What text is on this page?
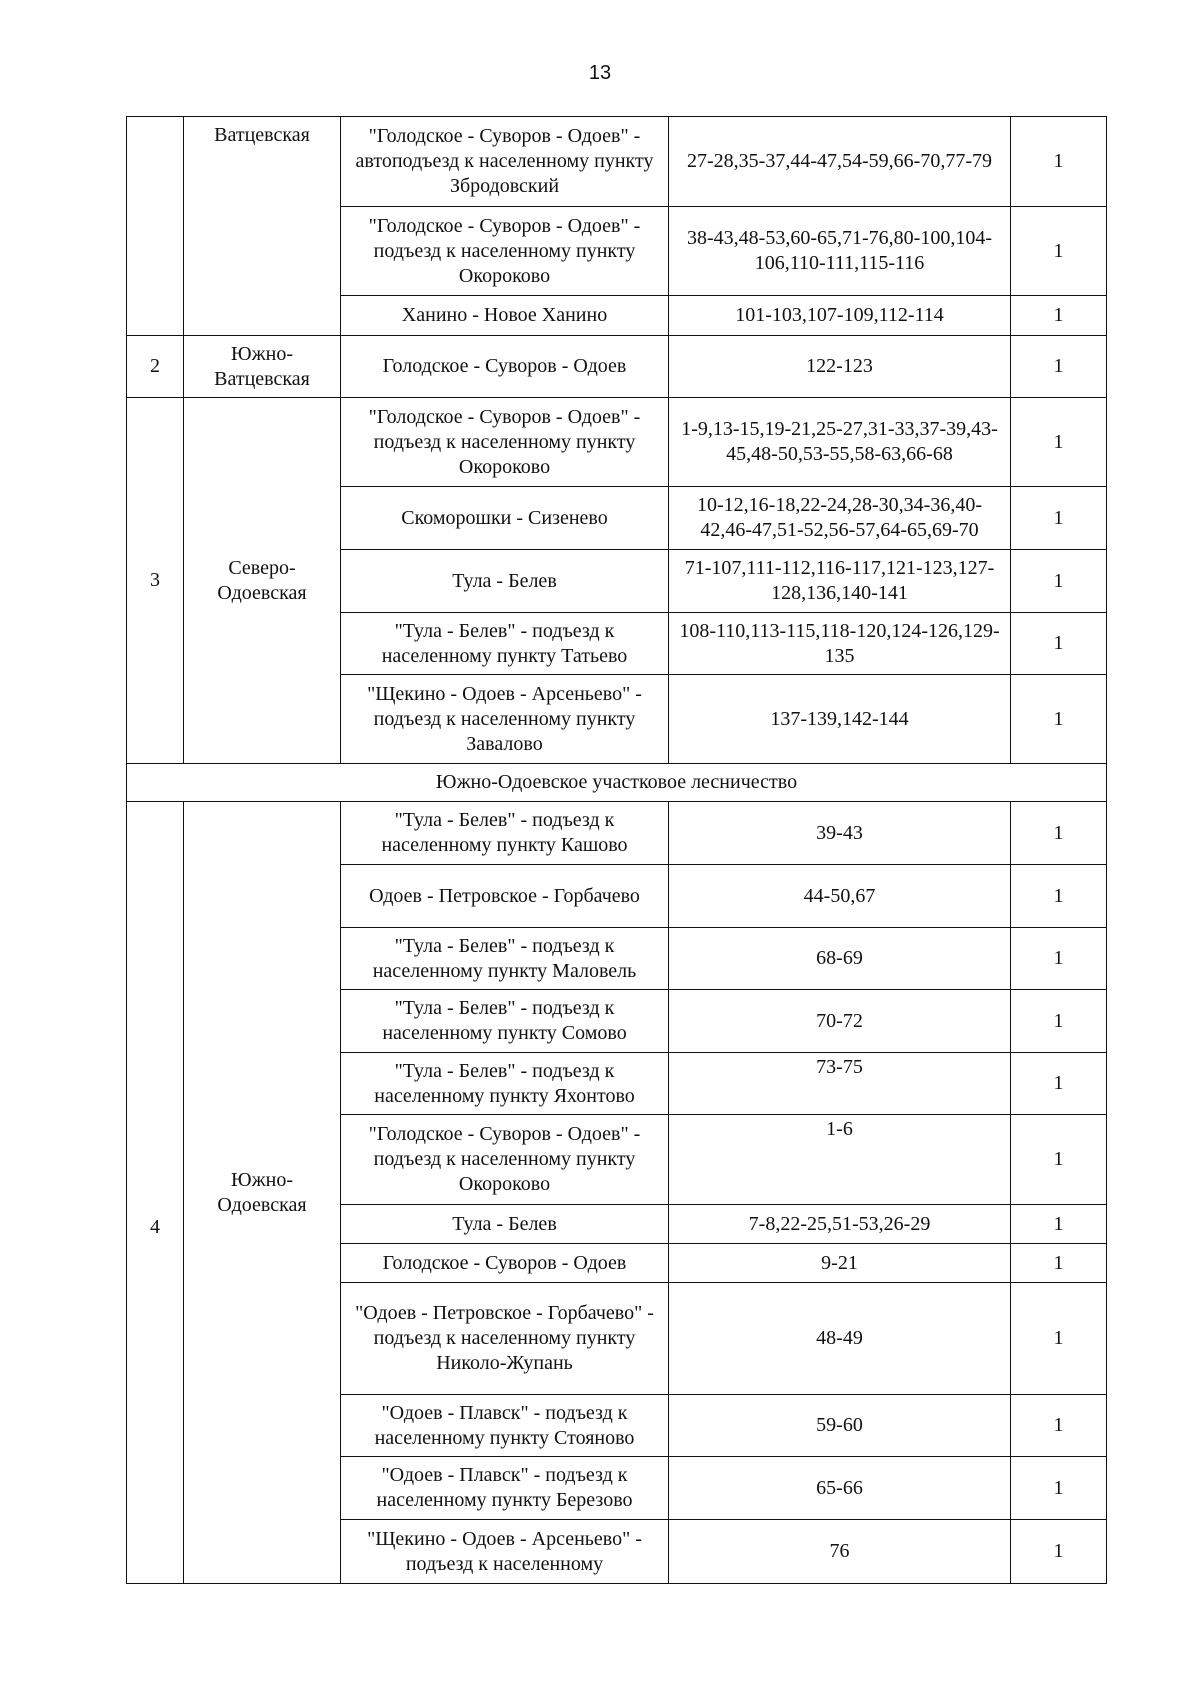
13
	Ватцевская	"Голодское - Суворов - Одоев" - автоподъезд к населенному пункту Збродовский	27-28,35-37,44-47,54-59,66-70,77-79	1
		"Голодское - Суворов - Одоев" - подъезд к населенному пункту Окороково	38-43,48-53,60-65,71-76,80-100,104-106,110-111,115-116	1
		Ханино - Новое Ханино	101-103,107-109,112-114	1
2	Южно-Ватцевская	Голодское - Суворов - Одоев	122-123	1
3	Северо-Одоевская	"Голодское - Суворов - Одоев" - подъезд к населенному пункту Окороково	1-9,13-15,19-21,25-27,31-33,37-39,43-45,48-50,53-55,58-63,66-68	1
		Скоморошки - Сизенево	10-12,16-18,22-24,28-30,34-36,40-42,46-47,51-52,56-57,64-65,69-70	1
		Тула - Белев	71-107,111-112,116-117,121-123,127-128,136,140-141	1
		"Тула - Белев" - подъезд к населенному пункту Татьево	108-110,113-115,118-120,124-126,129-135	1
		"Щекино - Одоев - Арсеньево" - подъезд к населенному пункту Завалово	137-139,142-144	1
Южно-Одоевское участковое лесничество				
4	Южно-Одоевская	"Тула - Белев" - подъезд к населенному пункту Кашово	39-43	1
		Одоев - Петровское - Горбачево	44-50,67	1
		"Тула - Белев" - подъезд к населенному пункту Маловель	68-69	1
		"Тула - Белев" - подъезд к населенному пункту Сомово	70-72	1
		"Тула - Белев" - подъезд к населенному пункту Яхонтово	73-75	1
		"Голодское - Суворов - Одоев" - подъезд к населенному пункту Окороково	1-6	1
		Тула - Белев	7-8,22-25,51-53,26-29	1
		Голодское - Суворов - Одоев	9-21	1
		"Одоев - Петровское - Горбачево" - подъезд к населенному пункту Николо-Жупань	48-49	1
		"Одоев - Плавск" - подъезд к населенному пункту Стояново	59-60	1
		"Одоев - Плавск" - подъезд к населенному пункту Березово	65-66	1
		"Щекино - Одоев - Арсеньево" - подъезд к населенному	76	1
